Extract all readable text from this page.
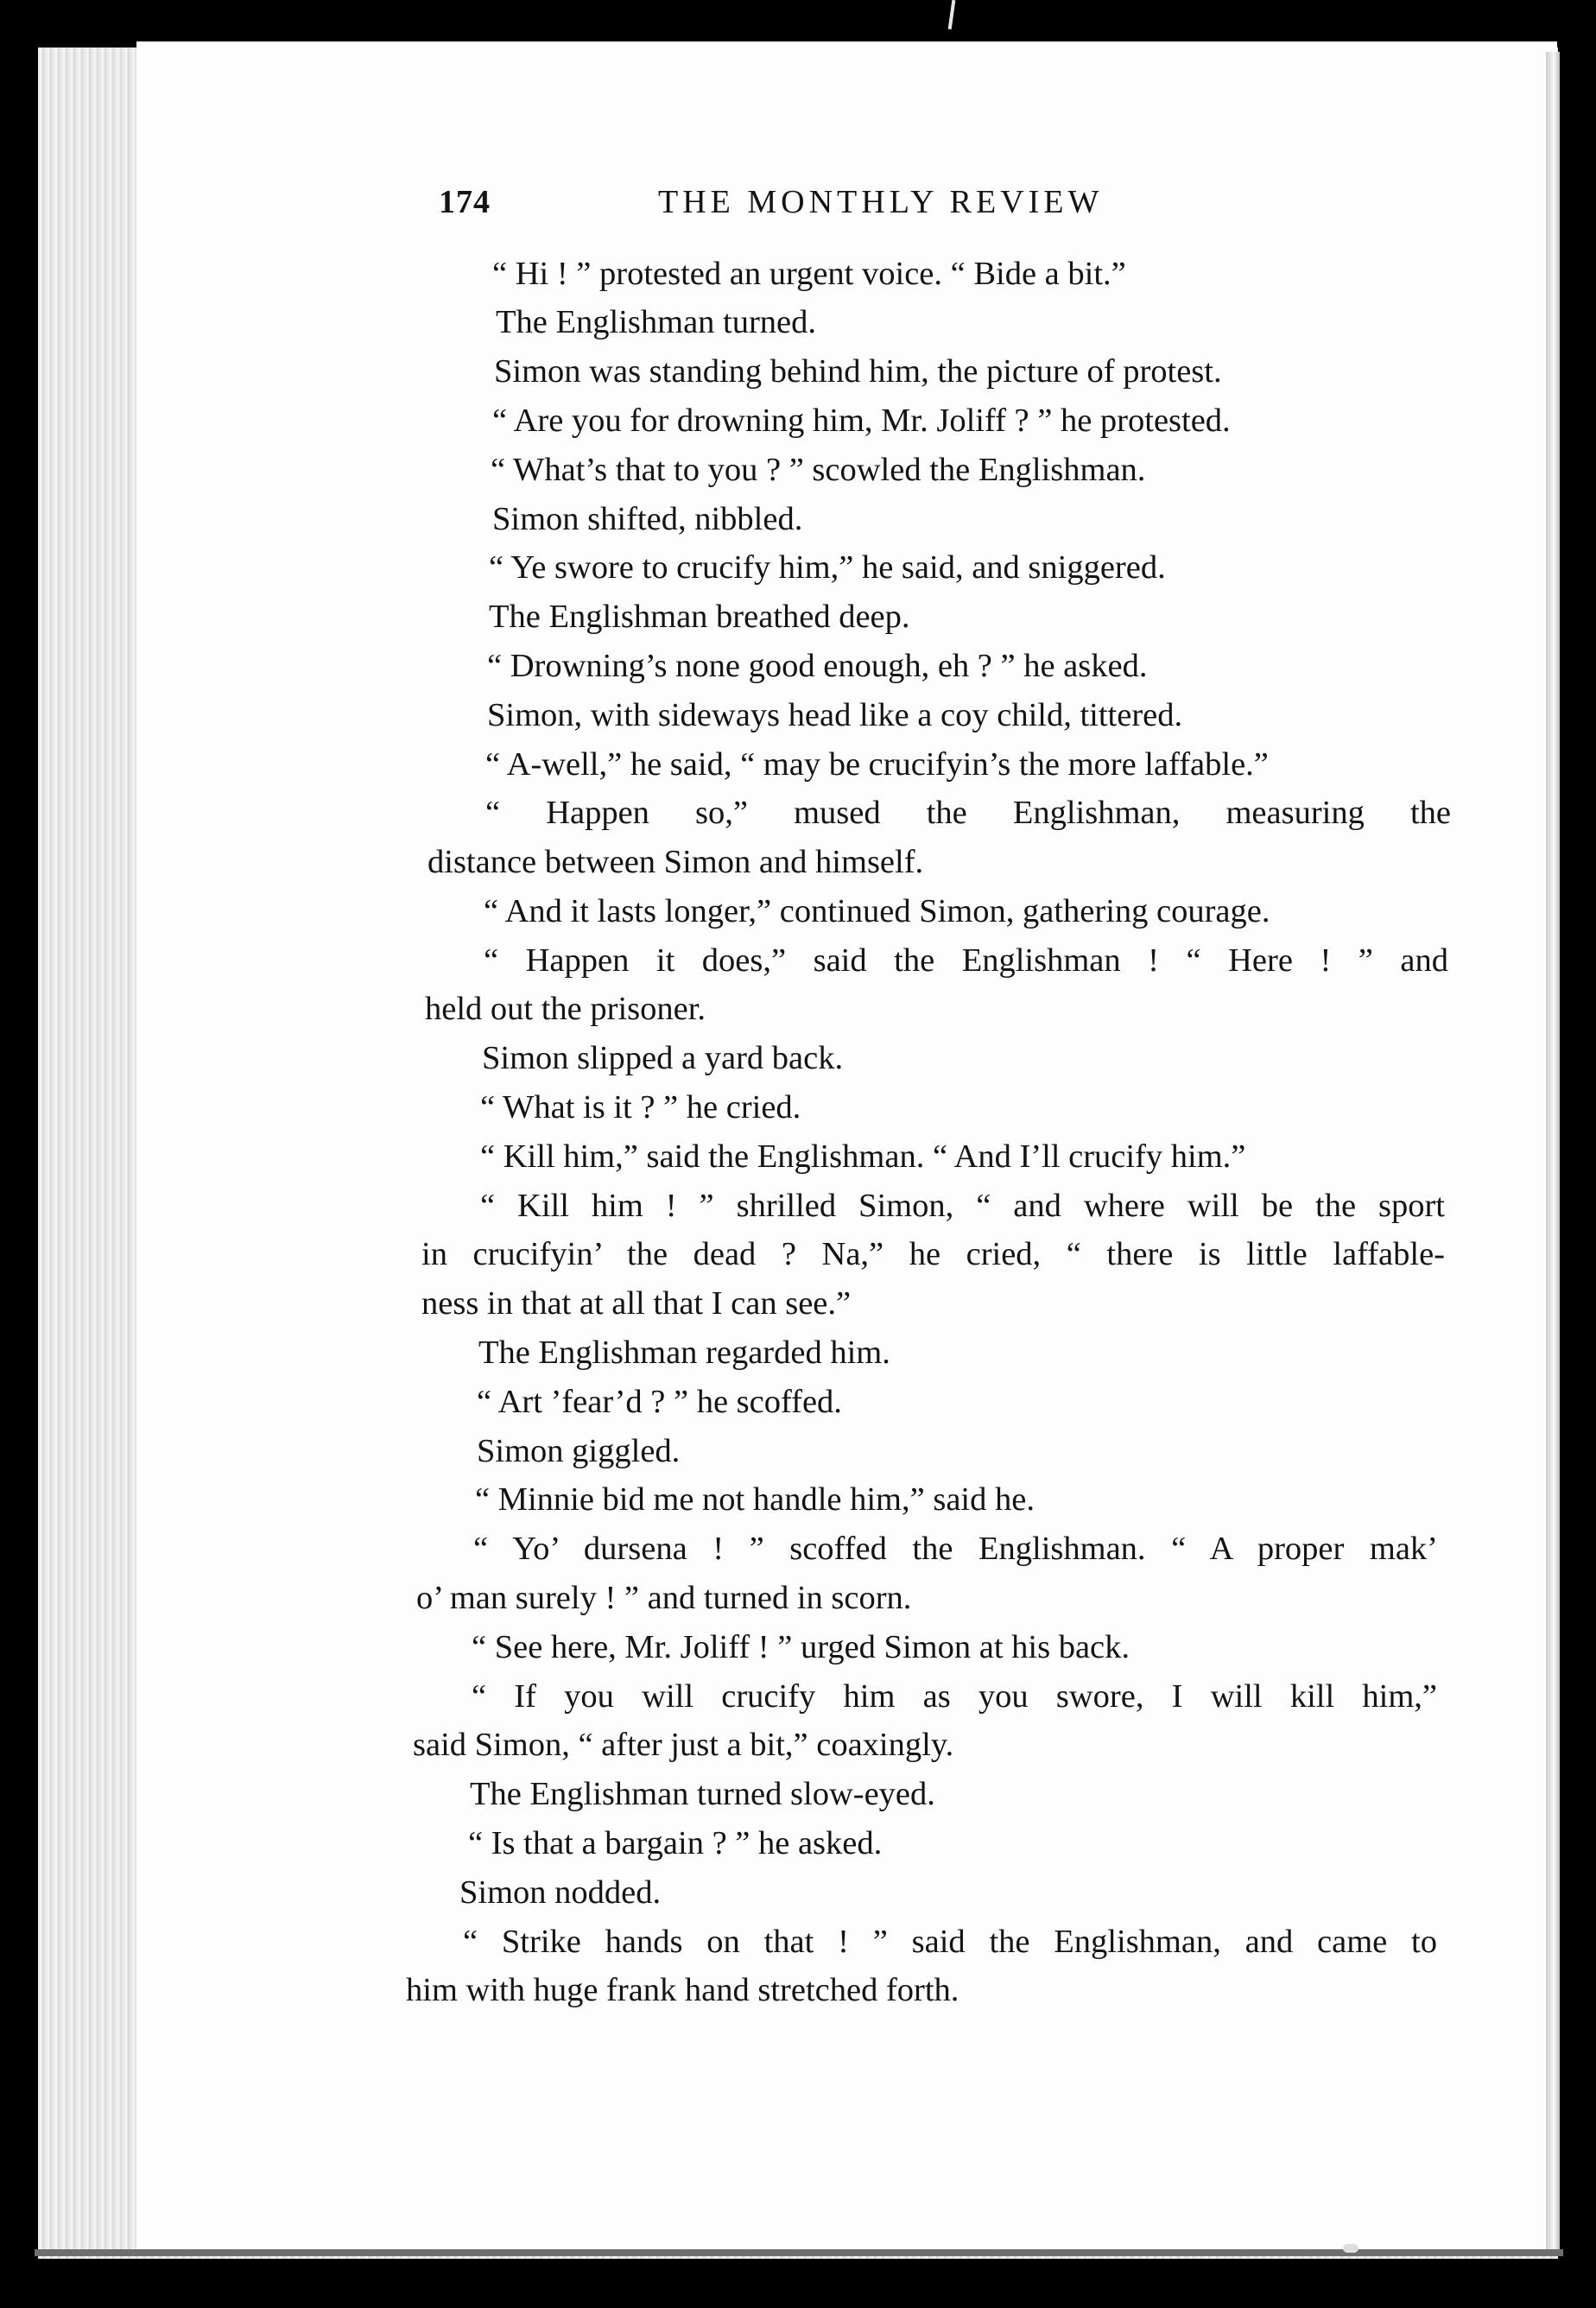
174	THE MONTHLY REVIEW
“ Hi ! ” protested an urgent voice. “ Bide a bit.”
The Englishman turned.
Simon was standing behind him, the picture of protest.
“ Are you for drowning him, Mr. Joliff ? ” he protested.
“ What’s that to you ? ” scowled the Englishman.
Simon shifted, nibbled.
“ Ye swore to crucify him,” he said, and sniggered.
The Englishman breathed deep.
“ Drowning’s none good enough, eh ? ” he asked.
Simon, with sideways head like a coy child, tittered.
“ A-well,” he said, “ may be crucifyin’s the more laffable.”
“ Happen so,” mused the Englishman, measuring the
distance between Simon and himself.
“ And it lasts longer,” continued Simon, gathering courage.
“ Happen it does,” said the Englishman ! “ Here ! ” and
held out the prisoner.
Simon slipped a yard back.
“ What is it ? ” he cried.
“ Kill him,” said the Englishman. “ And I’ll crucify him.”
“ Kill him ! ” shrilled Simon, “ and where will be the sport
in crucifyin’ the dead ? Na,” he cried, “ there is little laffable-
ness in that at all that I can see.”
The Englishman regarded him.
“ Art ’fear’d ? ” he scoffed.
Simon giggled.
“ Minnie bid me not handle him,” said he.
“ Yo’ dursena ! ” scoffed the Englishman. “ A proper mak’
o’ man surely ! ” and turned in scorn.
“ See here, Mr. Joliff ! ” urged Simon at his back.
“ If you will crucify him as you swore, I will kill him,”
said Simon, “ after just a bit,” coaxingly.
The Englishman turned slow-eyed.
“ Is that a bargain ? ” he asked.
Simon nodded.
“ Strike hands on that ! ” said the Englishman, and came to
him with huge frank hand stretched forth.
